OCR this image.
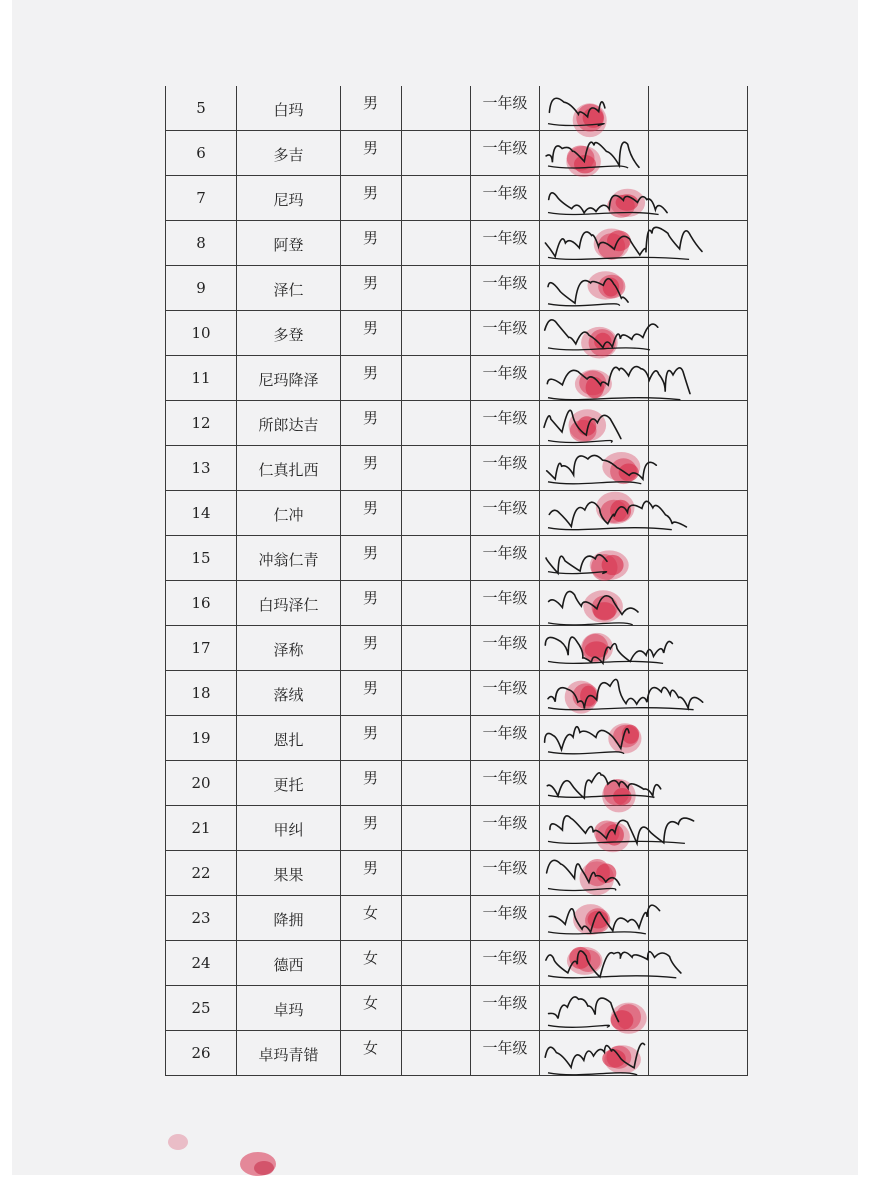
5	白玛	男		一年级

6	多吉	男		一年级

7	尼玛	男		一年级

8	阿登	男		一年级

9	泽仁	男		一年级

10	多登	男		一年级

11	尼玛降泽	男		一年级

12	所郎达吉	男		一年级

13	仁真扎西	男		一年级

14	仁冲	男		一年级

15	冲翁仁青	男		一年级

16	白玛泽仁	男		一年级

17	泽称	男		一年级

18	落绒	男		一年级

19	恩扎	男		一年级

20	更托	男		一年级

21	甲纠	男		一年级

22	果果	男		一年级

23	降拥	女		一年级

24	德西	女		一年级

25	卓玛	女		一年级

26	卓玛青错	女		一年级
